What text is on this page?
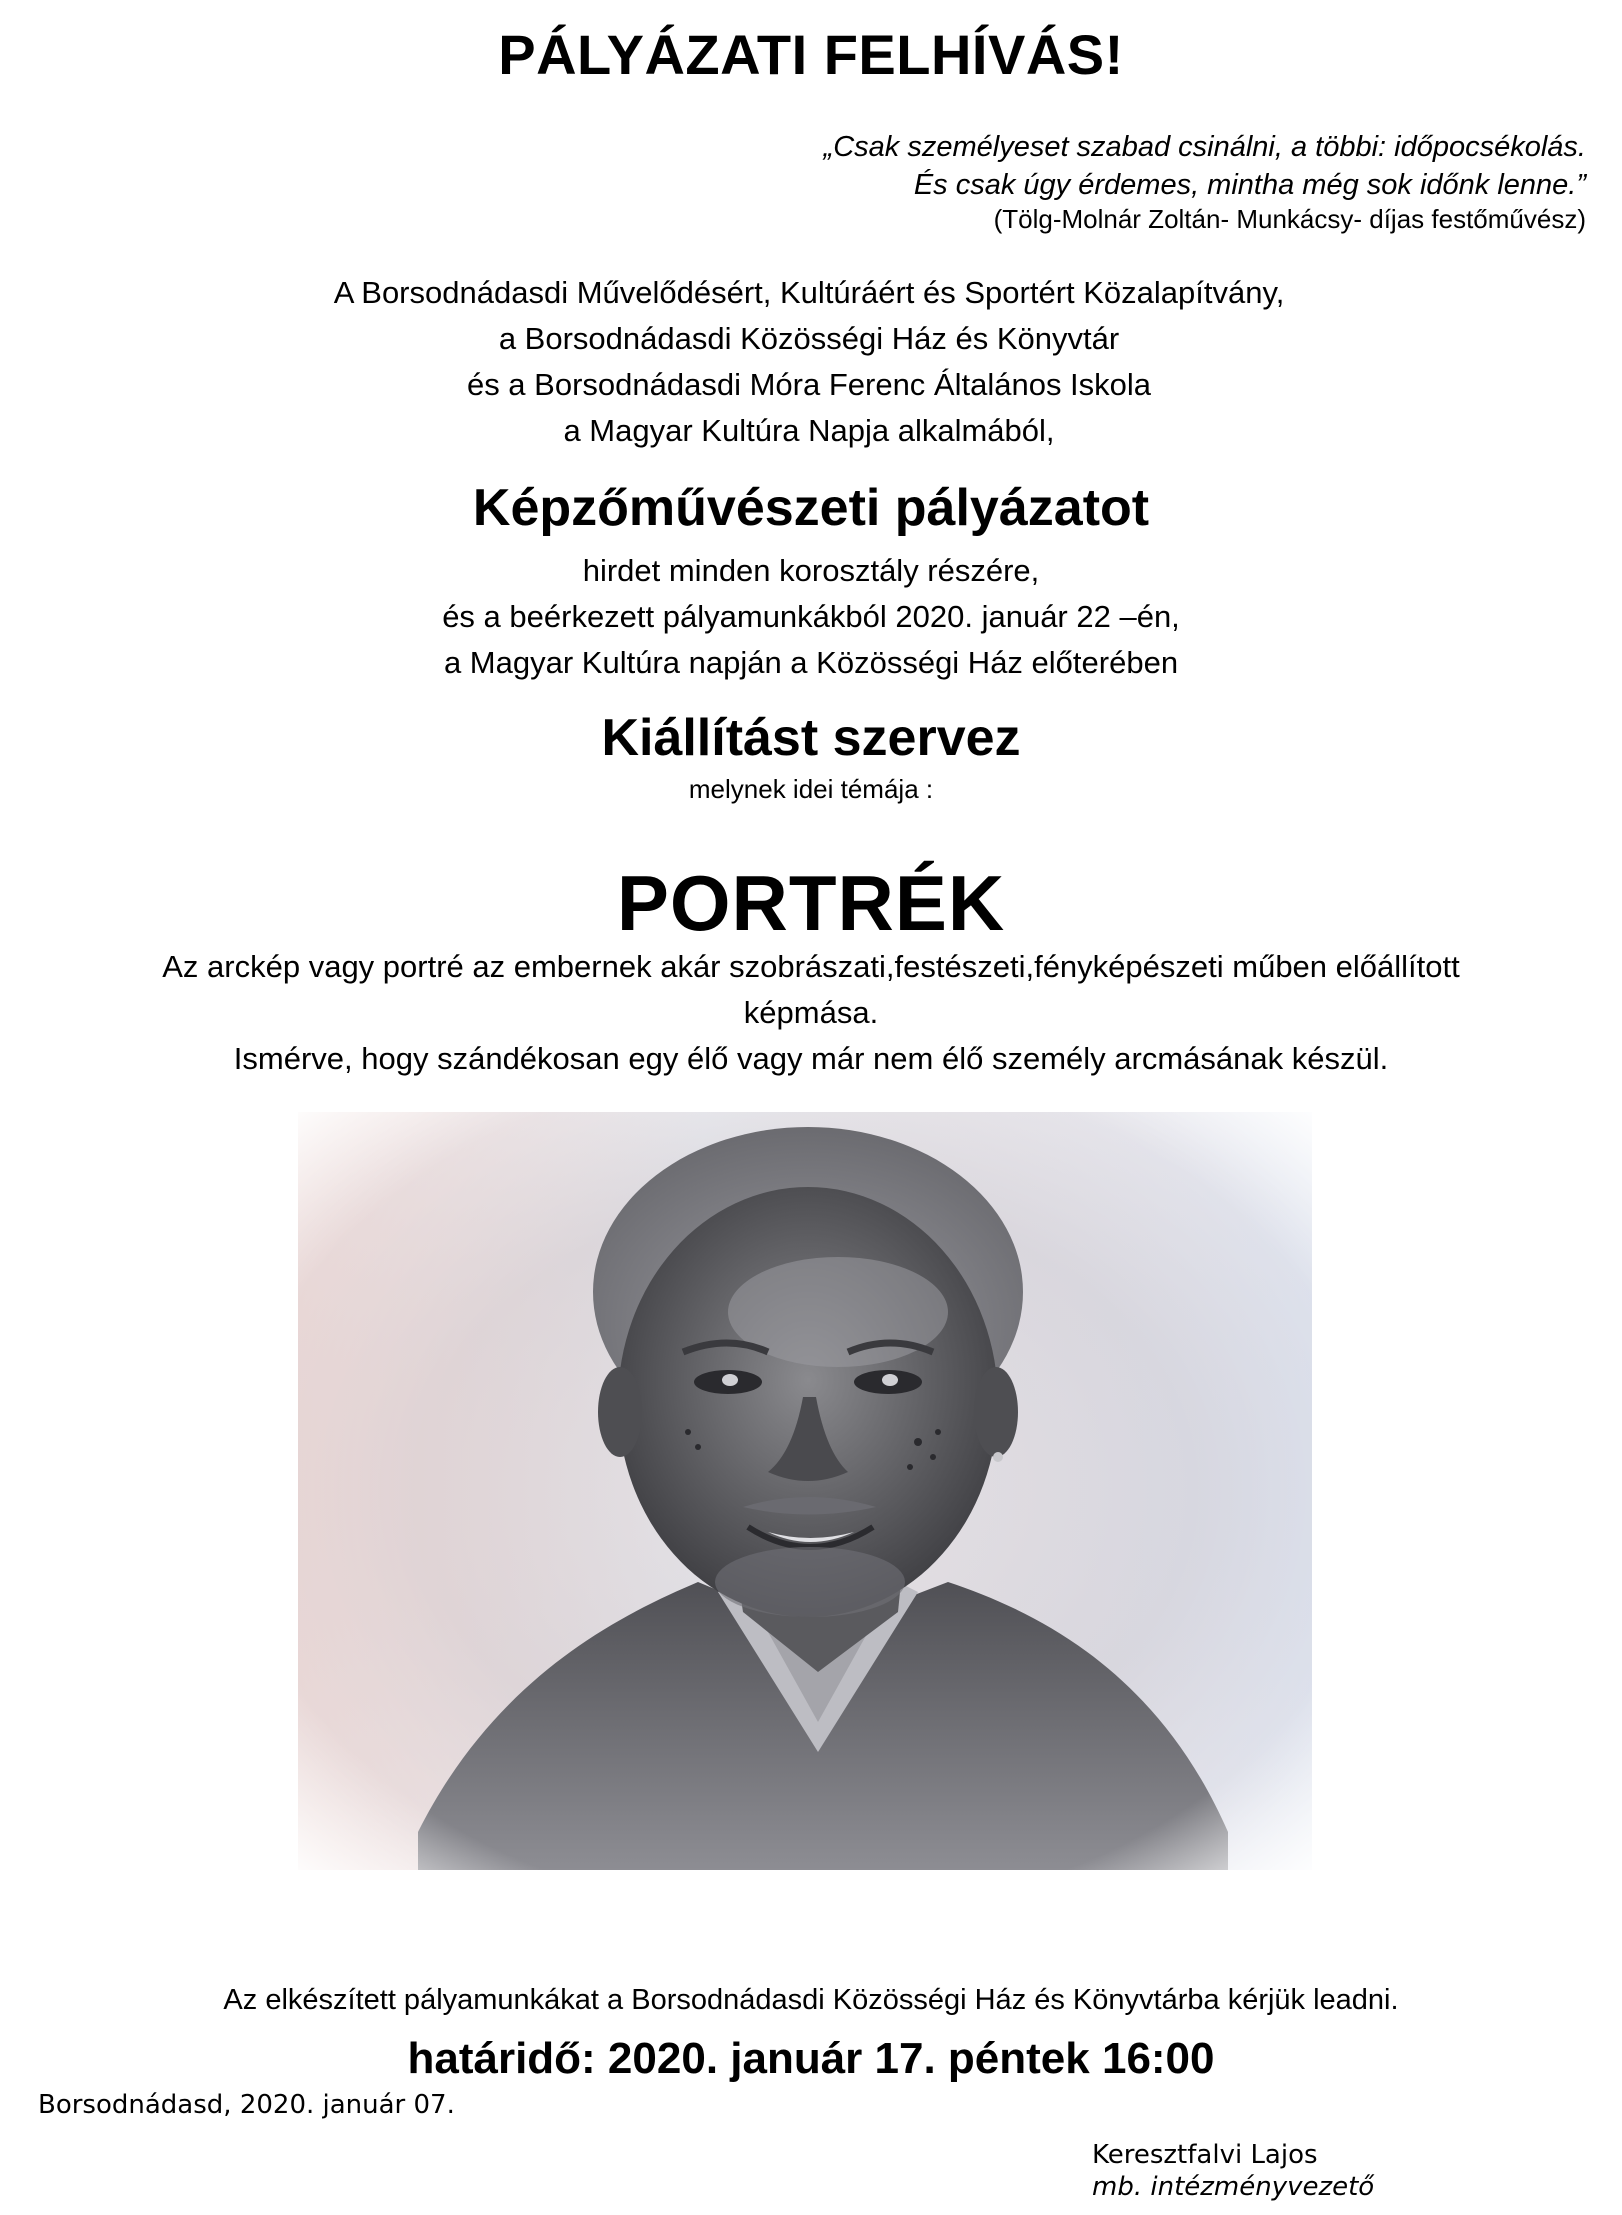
PÁLYÁZATI FELHÍVÁS!
„Csak személyeset szabad csinálni, a többi: időpocsékolás.
És csak úgy érdemes, mintha még sok időnk lenne.”
(Tölg-Molnár Zoltán- Munkácsy- díjas festőművész)
A Borsodnádasdi Művelődésért, Kultúráért és Sportért Közalapítvány,
a Borsodnádasdi Közösségi Ház és Könyvtár
és a Borsodnádasdi Móra Ferenc Általános Iskola
a Magyar Kultúra Napja alkalmából,
Képzőművészeti pályázatot
hirdet minden korosztály részére,
és a beérkezett pályamunkákból 2020. január 22 –én,
a Magyar Kultúra napján a Közösségi Ház előterében
Kiállítást szervez
melynek idei témája :
PORTRÉK
Az arckép vagy portré az embernek akár szobrászati,festészeti,fényképészeti műben előállított
képmása.
Ismérve, hogy szándékosan egy élő vagy már nem élő személy arcmásának készül.
Az elkészített pályamunkákat a Borsodnádasdi Közösségi Ház és Könyvtárba kérjük leadni.
határidő: 2020. január 17. péntek 16:00
Borsodnádasd, 2020. január 07.
Keresztfalvi Lajos
mb. intézményvezető
